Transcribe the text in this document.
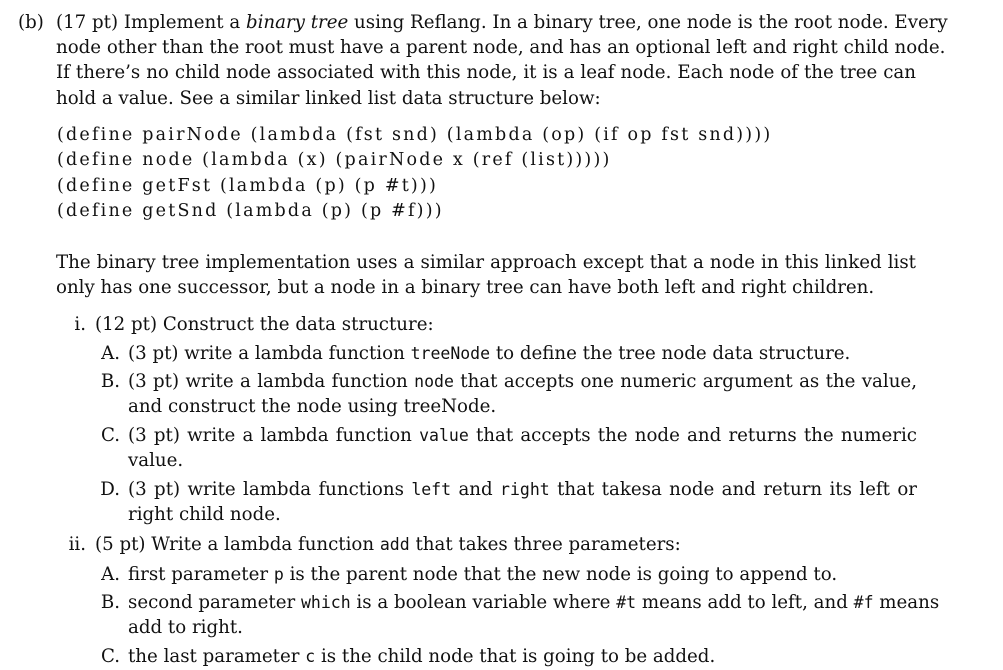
(b) (17 pt) Implement a binary tree using Reflang. In a binary tree, one node is the root node. Every
node other than the root must have a parent node, and has an optional left and right child node.
If there’s no child node associated with this node, it is a leaf node. Each node of the tree can
hold a value. See a similar linked list data structure below:
(define pairNode (lambda (fst snd) (lambda (op) (if op fst snd))))
(define node (lambda (x) (pairNode x (ref (list)))))
(define getFst (lambda (p) (p #t)))
(define getSnd (lambda (p) (p #f)))
The binary tree implementation uses a similar approach except that a node in this linked list
only has one successor, but a node in a binary tree can have both left and right children.
i. (12 pt) Construct the data structure:
A. (3 pt) write a lambda function treeNode to define the tree node data structure.
B. (3 pt) write a lambda function node that accepts one numeric argument as the value,
and construct the node using treeNode.
C. (3 pt) write a lambda function value that accepts the node and returns the numeric
value.
D. (3 pt) write lambda functions left and right that takesa node and return its left or
right child node.
ii. (5 pt) Write a lambda function add that takes three parameters:
A. first parameter p is the parent node that the new node is going to append to.
B. second parameter which is a boolean variable where #t means add to left, and #f means
add to right.
C. the last parameter c is the child node that is going to be added.
